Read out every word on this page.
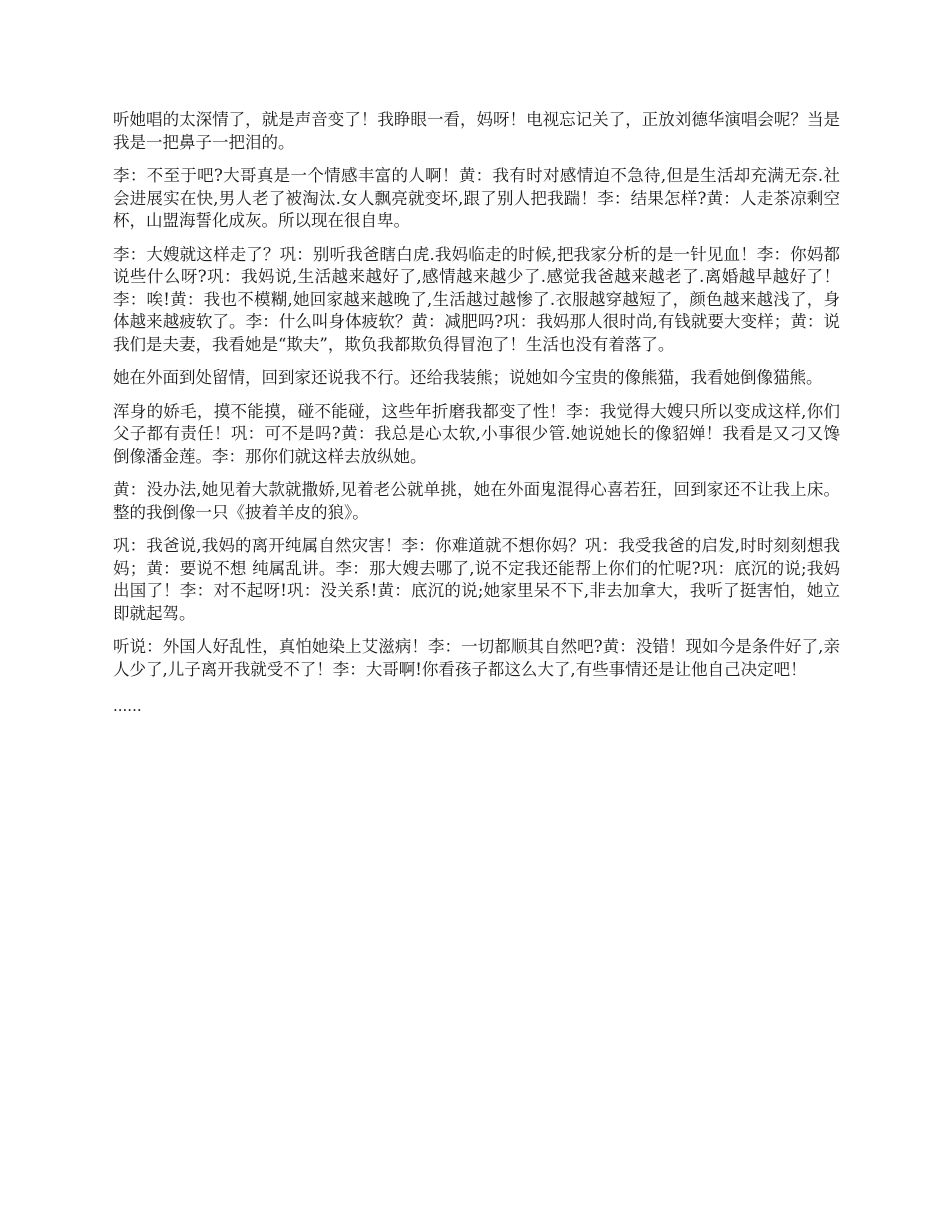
听她唱的太深情了，就是声音变了！我睁眼一看，妈呀！电视忘记关了，正放刘德华演唱会呢？当是我是一把鼻子一把泪的。

李：不至于吧?大哥真是一个情感丰富的人啊！黄：我有时对感情迫不急待,但是生活却充满无奈.社会进展实在快,男人老了被淘汰.女人飘亮就变坏,跟了别人把我踹！李：结果怎样?黄：人走茶凉剩空杯，山盟海誓化成灰。所以现在很自卑。

李：大嫂就这样走了？巩：别听我爸瞎白虎.我妈临走的时候,把我家分析的是一针见血！李：你妈都说些什么呀?巩：我妈说,生活越来越好了,感情越来越少了.感觉我爸越来越老了.离婚越早越好了！李：唉!黄：我也不模糊,她回家越来越晚了,生活越过越惨了.衣服越穿越短了，颜色越来越浅了，身体越来越疲软了。李：什么叫身体疲软？黄：减肥吗?巩：我妈那人很时尚,有钱就要大变样；黄：说我们是夫妻，我看她是“欺夫”，欺负我都欺负得冒泡了！生活也没有着落了。

她在外面到处留情，回到家还说我不行。还给我装熊；说她如今宝贵的像熊猫，我看她倒像猫熊。

浑身的娇毛，摸不能摸，碰不能碰，这些年折磨我都变了性！李：我觉得大嫂只所以变成这样,你们父子都有责任！巩：可不是吗?黄：我总是心太软,小事很少管.她说她长的像貂婵！我看是又刁又馋倒像潘金莲。李：那你们就这样去放纵她。

黄：没办法,她见着大款就撒娇,见着老公就单挑，她在外面鬼混得心喜若狂，回到家还不让我上床。整的我倒像一只《披着羊皮的狼》。

巩：我爸说,我妈的离开纯属自然灾害！李：你难道就不想你妈？巩：我受我爸的启发,时时刻刻想我妈；黄：要说不想 纯属乱讲。李：那大嫂去哪了,说不定我还能帮上你们的忙呢?巩：底沉的说;我妈出国了！李：对不起呀!巩：没关系!黄：底沉的说;她家里呆不下,非去加拿大，我听了挺害怕，她立即就起驾。

听说：外国人好乱性，真怕她染上艾滋病！李：一切都顺其自然吧?黄：没错！现如今是条件好了,亲人少了,儿子离开我就受不了！李：大哥啊!你看孩子都这么大了,有些事情还是让他自己决定吧！

......
